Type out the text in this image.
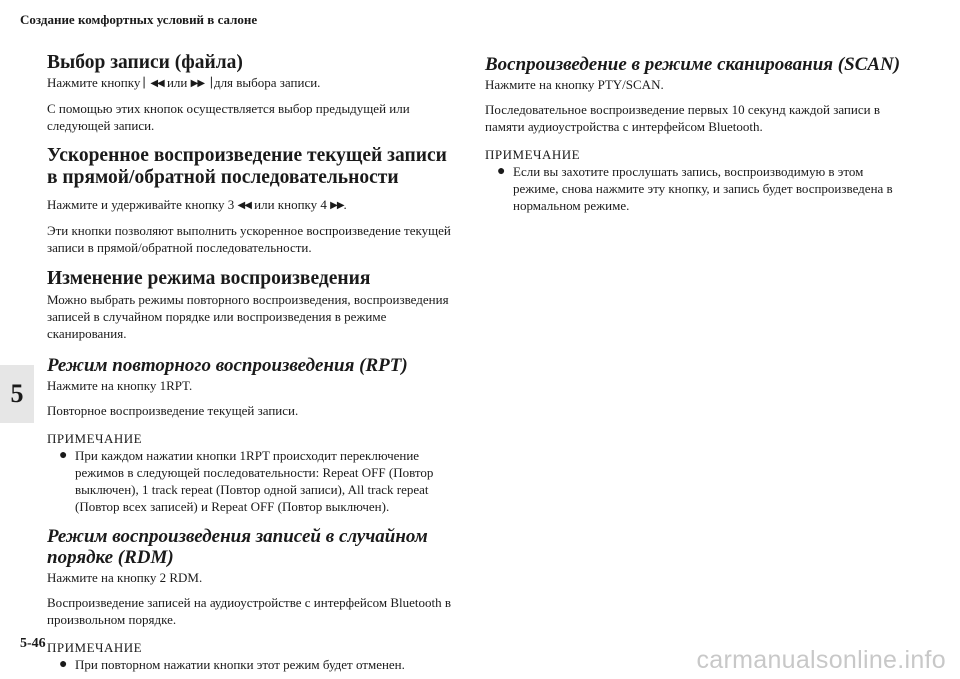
Создание комфортных условий в салоне
5
Выбор записи (файла)

Нажмите кнопку ▏◀◀ или ▶▶▕ для выбора записи.

С помощью этих кнопок осуществляется выбор предыдущей или следующей записи.

Ускоренное воспроизведение текущей записи в прямой/обратной последовательности

Нажмите и удерживайте кнопку 3 ◀◀ или кнопку 4 ▶▶.

Эти кнопки позволяют выполнить ускоренное воспроизведение текущей записи в прямой/обратной последовательности.

Изменение режима воспроизведения

Можно выбрать режимы повторного воспроизведения, воспроизведения записей в случайном порядке или воспроизведения в режиме сканирования.

Режим повторного воспроизведения (RPT)

Нажмите на кнопку 1RPT.

Повторное воспроизведение текущей записи.

ПРИМЕЧАНИЕ
● При каждом нажатии кнопки 1RPT происходит переключение режимов в следующей последовательности: Repeat OFF (Повтор выключен), 1 track repeat (Повтор одной записи), All track repeat (Повтор всех записей) и Repeat OFF (Повтор выключен).
Режим воспроизведения записей в случайном порядке (RDM)

Нажмите на кнопку 2 RDM.

Воспроизведение записей на аудиоустройстве с интерфейсом Bluetooth в произвольном порядке.

ПРИМЕЧАНИЕ
● При повторном нажатии кнопки этот режим будет отменен.
Воспроизведение в режиме сканирования (SCAN)

Нажмите на кнопку PTY/SCAN.

Последовательное воспроизведение первых 10 секунд каждой записи в памяти аудиоустройства с интерфейсом Bluetooth.

ПРИМЕЧАНИЕ
● Если вы захотите прослушать запись, воспроизводимую в этом режиме, снова нажмите эту кнопку, и запись будет воспроизведена в нормальном режиме.
5-46
carmanualsonline.info
